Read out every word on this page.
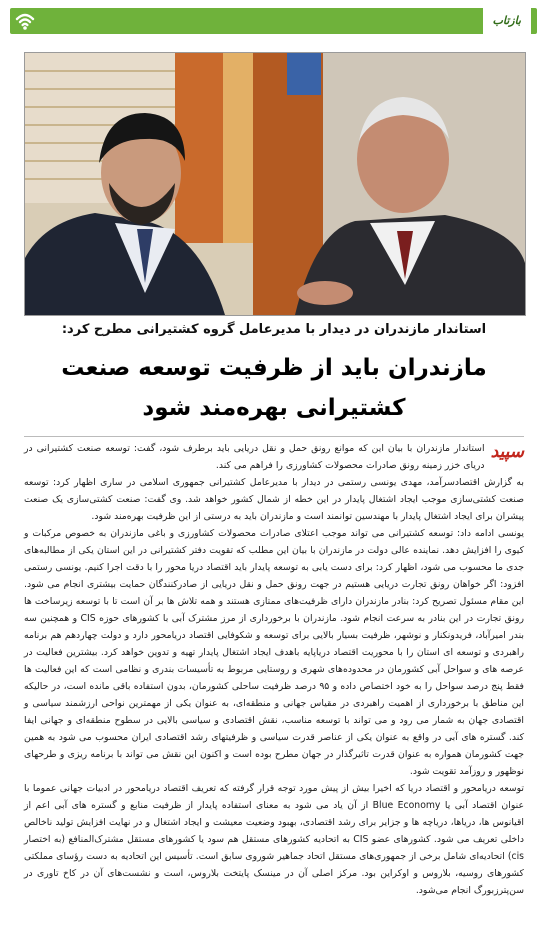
بازتاب
استاندار مازندران در دیدار با مدیرعامل گروه کشتیرانی مطرح کرد:
مازندران باید از ظرفیت توسعه صنعت کشتیرانی بهره‌مند شود
سپید

استاندار مازندران با بیان این که موانع رونق حمل و نقل دریایی باید برطرف شود، گفت: توسعه صنعت کشتیرانی در دریای خزر زمینه رونق صادرات محصولات کشاورزی را فراهم می کند.

به گزارش اقتصادسرآمد، مهدی یونسی رستمی در دیدار با مدیرعامل کشتیرانی جمهوری اسلامی در ساری اظهار کرد: توسعه صنعت کشتی‌سازی موجب ایجاد اشتغال پایدار در این خطه از شمال کشور خواهد شد. وی گفت: صنعت کشتی‌سازی یک صنعت پیشران برای ایجاد اشتغال پایدار با مهندسین توانمند است و مازندران باید به درستی از این ظرفیت بهره‌مند شود.

یونسی ادامه داد: توسعه کشتیرانی می تواند موجب اعتلای صادرات محصولات کشاورزی و باغی مازندران به خصوص مرکبات و کیوی را افزایش دهد. نماینده عالی دولت در مازندران با بیان این مطلب که تقویت دفتر کشتیرانی در این استان یکی از مطالبه‌های جدی ما محسوب می شود، اظهار کرد: برای دست یابی به توسعه پایدار باید اقتصاد دریا محور را با دقت اجرا کنیم. یونسی رستمی افزود: اگر خواهان رونق تجارت دریایی هستیم در جهت رونق حمل و نقل دریایی از صادرکنندگان حمایت بیشتری انجام می شود. این مقام مسئول تصریح کرد: بنادر مازندران دارای ظرفیت‌های ممتازی هستند و همه تلاش ها بر آن است تا با توسعه زیرساخت ها رونق تجارت در این بنادر به سرعت انجام شود. مازندران با برخورداری از مرز مشترک آبی با کشورهای حوزه CIS و همچنین سه بندر امیرآباد، فریدونکنار و نوشهر، ظرفیت بسیار بالایی برای توسعه و شکوفایی اقتصاد دریامحور دارد و دولت چهاردهم هم برنامه راهبردی و توسعه ای استان را با محوریت اقتصاد دریاپایه باهدف ایجاد اشتغال پایدار تهیه و تدوین خواهد کرد. بیشترین فعالیت در عرصه های و سواحل آبی کشورمان در محدوده‌های شهری و روستایی مربوط به تأسیسات بندری و نظامی است که این فعالیت ها فقط پنج درصد سواحل را به خود اختصاص داده و ۹۵ درصد ظرفیت ساحلی کشورمان، بدون استفاده باقی مانده است، در حالیکه این مناطق با برخورداری از اهمیت راهبردی در مقیاس جهانی و منطقه‌ای، به عنوان یکی از مهمترین نواحی ارزشمند سیاسی و اقتصادی جهان به شمار می رود و می تواند با توسعه مناسب، نقش اقتصادی و سیاسی بالایی در سطوح منطقه‌ای و جهانی ایفا کند. گستره های آبی در واقع به عنوان یکی از عناصر قدرت سیاسی و ظرفیتهای رشد اقتصادی ایران محسوب می شود به همین جهت کشورمان همواره به عنوان قدرت تاثیرگذار در جهان مطرح بوده است و اکنون این نقش می تواند با برنامه ریزی و طرحهای نوظهور و روزآمد تقویت شود.

توسعه دریامحور و اقتصاد دریا که اخیرا بیش از پیش مورد توجه قرار گرفته که تعریف اقتصاد دریامحور در ادبیات جهانی عموما با عنوان اقتصاد آبی یا Blue Economy از آن یاد می شود به معنای استفاده پایدار از ظرفیت منابع و گستره های آبی اعم از اقیانوس ها، دریاها، دریاچه ها و جزایر برای رشد اقتصادی، بهبود وضعیت معیشت و ایجاد اشتغال و در نهایت افزایش تولید ناخالص داخلی تعریف می شود. کشورهای عضو CIS به اتحادیه کشورهای مستقل هم سود یا کشورهای مستقل مشترک‌المنافع (به اختصار cis) اتحادیه‌ای شامل برخی از جمهوری‌های مستقل اتحاد جماهیر شوروی سابق است. تأسیس این اتحادیه به دست رؤسای مملکتی کشورهای روسیه، بلاروس و اوکراین بود. مرکز اصلی آن در مینسک پایتخت بلاروس، است و نشست‌های آن در کاخ تاوری در سن‌پترزبورگ انجام می‌شود.
